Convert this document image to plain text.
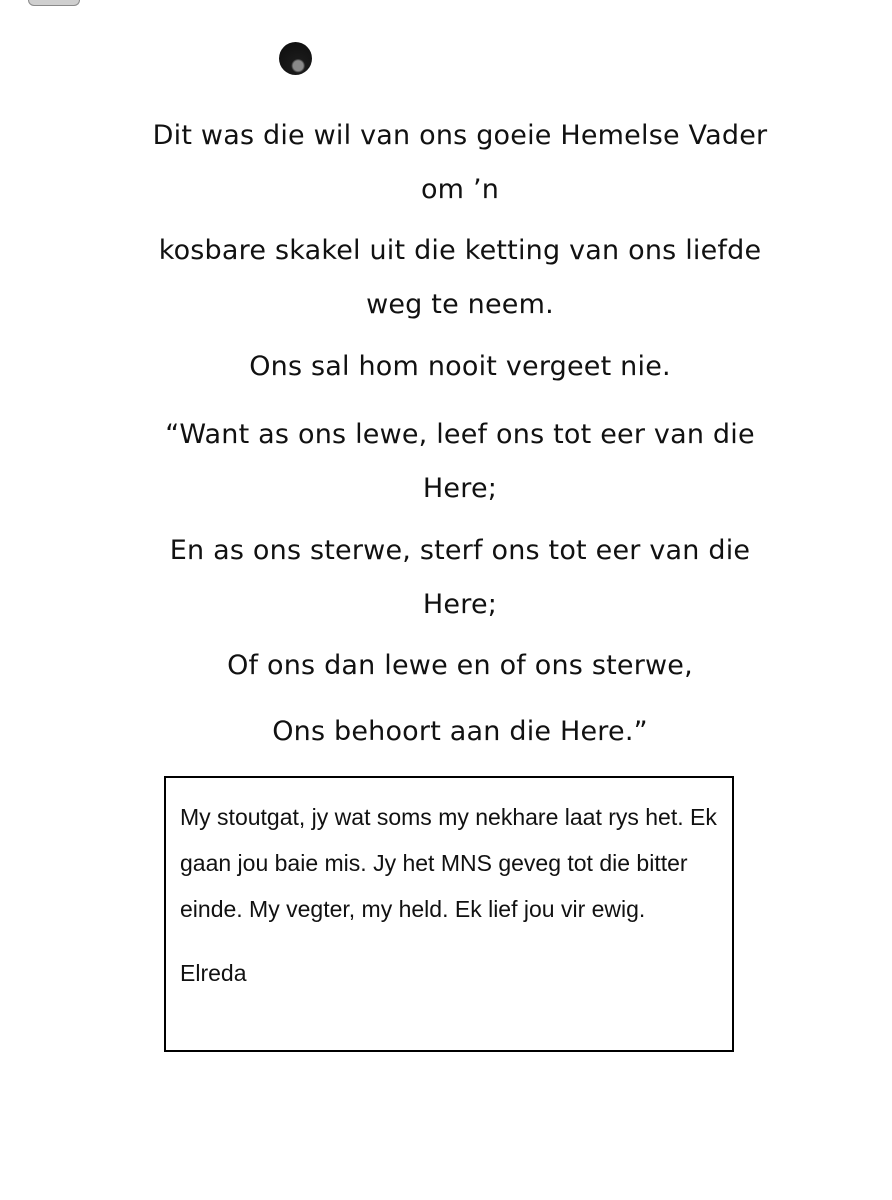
Dit was die wil van ons goeie Hemelse Vader om ’n
kosbare skakel uit die ketting van ons liefde weg te neem.
Ons sal hom nooit vergeet nie.
“Want as ons lewe, leef ons tot eer van die Here;
En as ons sterwe, sterf ons tot eer van die Here;
Of ons dan lewe en of ons sterwe,
Ons behoort aan die Here.”

My stoutgat, jy wat soms my nekhare laat rys het. Ek gaan jou baie mis. Jy het MNS geveg tot die bitter einde. My vegter, my held. Ek lief jou vir ewig.

Elreda
